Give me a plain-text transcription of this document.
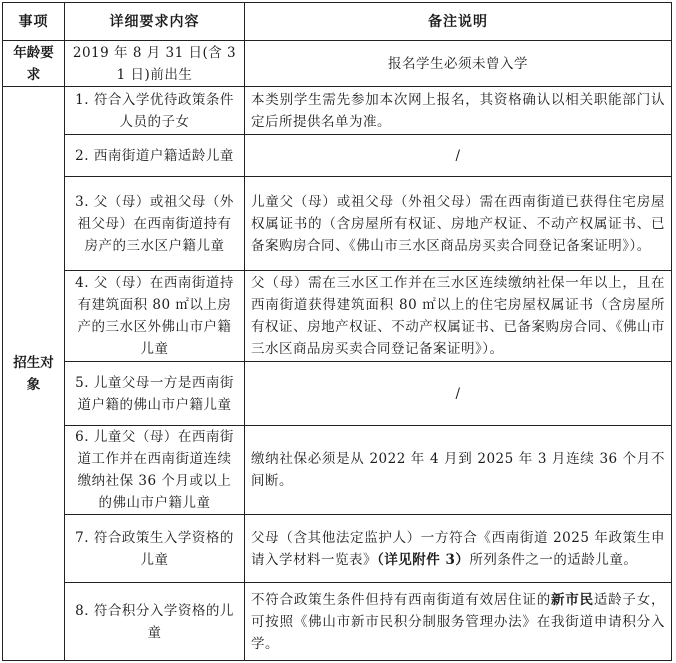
事项	详细要求内容	备注说明
年龄要求	2019 年 8 月 31 日(含 31 日)前出生	报名学生必须未曾入学
招生对象	1. 符合入学优待政策条件人员的子女	本类别学生需先参加本次网上报名，其资格确认以相关职能部门认定后所提供名单为准。
	2. 西南街道户籍适龄儿童	/
	3. 父（母）或祖父母（外祖父母）在西南街道持有房产的三水区户籍儿童	儿童父（母）或祖父母（外祖父母）需在西南街道已获得住宅房屋权属证书的（含房屋所有权证、房地产权证、不动产权属证书、已备案购房合同、《佛山市三水区商品房买卖合同登记备案证明》）。
	4. 父（母）在西南街道持有建筑面积 80 ㎡以上房产的三水区外佛山市户籍儿童	父（母）需在三水区工作并在三水区连续缴纳社保一年以上，且在西南街道获得建筑面积 80 ㎡以上的住宅房屋权属证书（含房屋所有权证、房地产权证、不动产权属证书、已备案购房合同、《佛山市三水区商品房买卖合同登记备案证明》）。
	5. 儿童父母一方是西南街道户籍的佛山市户籍儿童	/
	6. 儿童父（母）在西南街道工作并在西南街道连续缴纳社保 36 个月或以上的佛山市户籍儿童	缴纳社保必须是从 2022 年 4 月到 2025 年 3 月连续 36 个月不间断。
	7. 符合政策生入学资格的儿童	父母（含其他法定监护人）一方符合《西南街道 2025 年政策生申请入学材料一览表》（详见附件 3）所列条件之一的适龄儿童。
	8. 符合积分入学资格的儿童	不符合政策生条件但持有西南街道有效居住证的新市民适龄子女，可按照《佛山市新市民积分制服务管理办法》在我街道申请积分入学。
